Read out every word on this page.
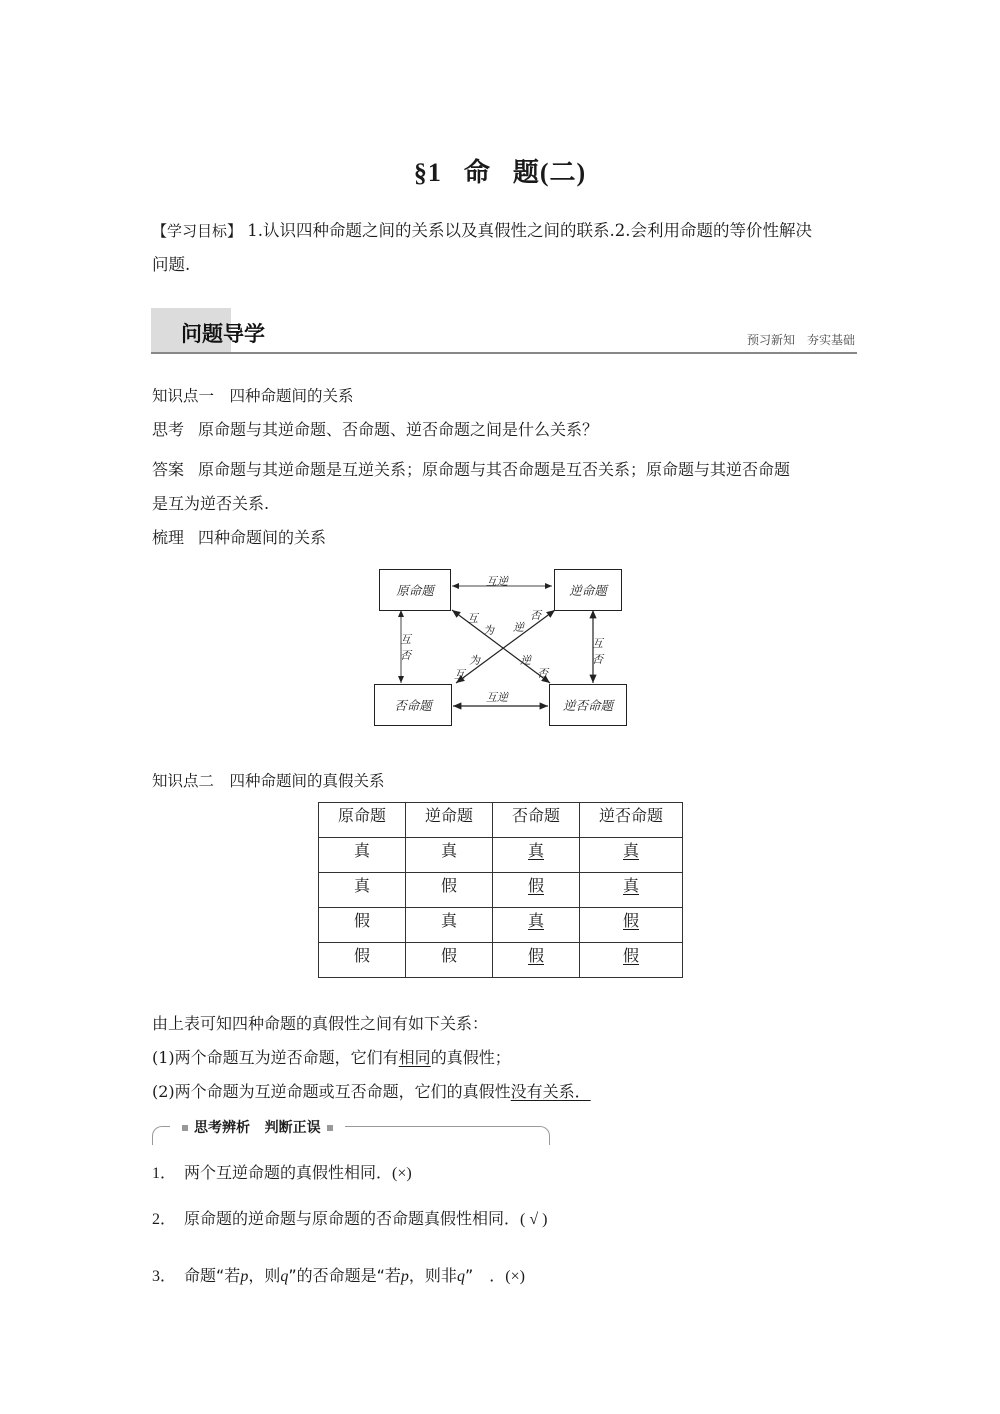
§1 命 题(二)
【学习目标】 1.认识四种命题之间的关系以及真假性之间的联系.2.会利用命题的等价性解决
问题.
问题导学	预习新知　夯实基础
知识点一　四种命题间的关系
思考 原命题与其逆命题、否命题、逆否命题之间是什么关系？
答案 原命题与其逆命题是互逆关系；原命题与其否命题是互否关系；原命题与其逆否命题
是互为逆否关系.
梳理 四种命题间的关系
原命题	逆命题
否命题	逆否命题
互逆
互逆
互
否
互
否
互
为 逆
否
互
为	逆
否
知识点二　四种命题间的真假关系
原命题	逆命题	否命题	逆否命题
真	真	真	真
真	假	假	真
假	真	真	假
假	假	假	假
由上表可知四种命题的真假性之间有如下关系：
(1)两个命题互为逆否命题，它们有相同的真假性；
(2)两个命题为互逆命题或互否命题，它们的真假性没有关系．
思考辨析 判断正误
1． 两个互逆命题的真假性相同．(×)
2． 原命题的逆命题与原命题的否命题真假性相同．( √ )
3． 命题“若p，则q”的否命题是“若p，则非q”　．(×)
